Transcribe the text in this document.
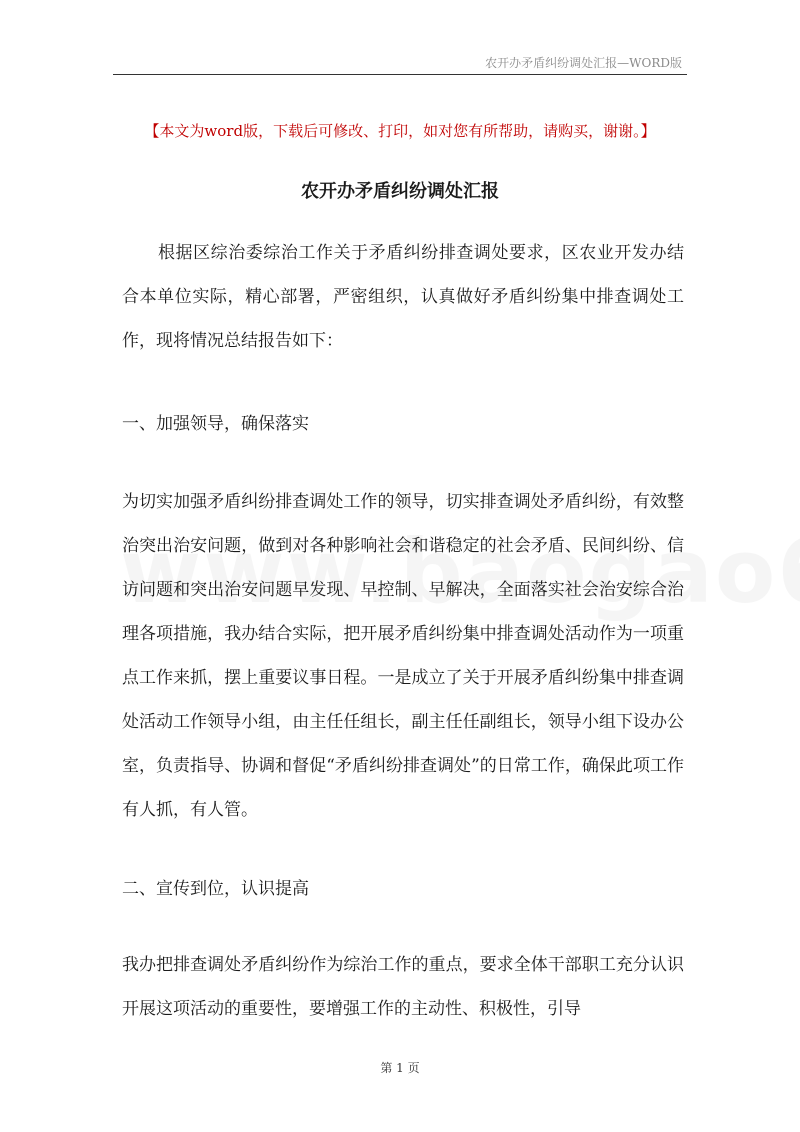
农开办矛盾纠纷调处汇报—WORD版
【本文为word版，下载后可修改、打印，如对您有所帮助，请购买，谢谢。】
农开办矛盾纠纷调处汇报

根据区综治委综治工作关于矛盾纠纷排查调处要求，区农业开发办结合本单位实际，精心部署，严密组织，认真做好矛盾纠纷集中排查调处工作，现将情况总结报告如下：

一、加强领导，确保落实

为切实加强矛盾纠纷排查调处工作的领导，切实排查调处矛盾纠纷，有效整治突出治安问题，做到对各种影响社会和谐稳定的社会矛盾、民间纠纷、信访问题和突出治安问题早发现、早控制、早解决，全面落实社会治安综合治理各项措施，我办结合实际，把开展矛盾纠纷集中排查调处活动作为一项重点工作来抓，摆上重要议事日程。一是成立了关于开展矛盾纠纷集中排查调处活动工作领导小组，由主任任组长，副主任任副组长，领导小组下设办公室，负责指导、协调和督促“矛盾纠纷排查调处”的日常工作，确保此项工作有人抓，有人管。

二、宣传到位，认识提高

我办把排查调处矛盾纠纷作为综治工作的重点，要求全体干部职工充分认识开展这项活动的重要性，要增强工作的主动性、积极性，引导

第 1 页
